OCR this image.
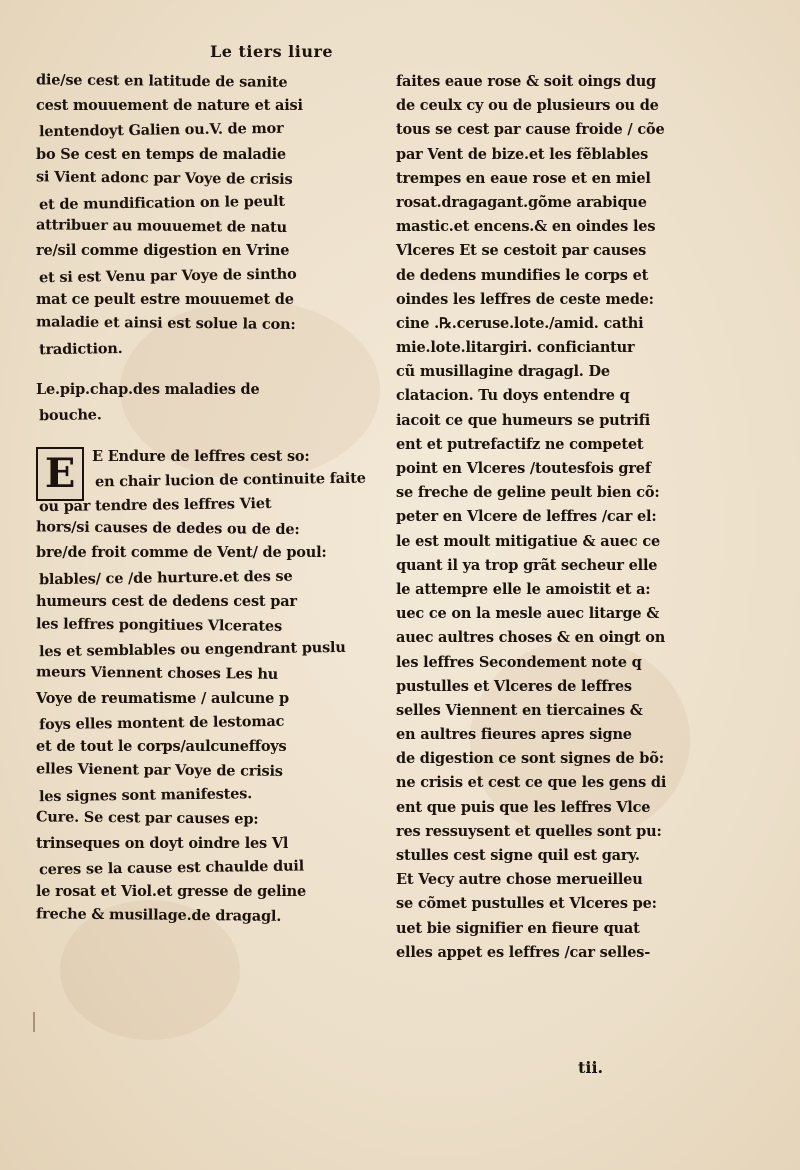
Le tiers liure
die/se cest en latitude de sanite
cest mouuement de nature et aisi
lentendoyt Galien ou.V. de mor
bo Se cest en temps de maladie
si Vient adonc par Voye de crisis
et de mundification on le peult
attribuer au mouuemet de natu
re/sil comme digestion en Vrine
et si est Venu par Voye de sintho
mat ce peult estre mouuemet de
maladie et ainsi est solue la con:
tradiction.
Le.pip.chap.des maladies de
bouche.
E	E Endure de leffres cest so:
en chair lucion de continuite faite
ou par tendre des leffres Viet
hors/si causes de dedes ou de de:
bre/de froit comme de Vent/ de poul:
blables/ ce /de hurture.et des se
humeurs cest de dedens cest par
les leffres pongitiues Vlcerates
les et semblables ou engendrant puslu
meurs Viennent choses Les hu
Voye de reumatisme / aulcune p
foys elles montent de lestomac
et de tout le corps/aulcuneffoys
elles Vienent par Voye de crisis
les signes sont manifestes.
Cure. Se cest par causes ep:
trinseques on doyt oindre les Vl
ceres se la cause est chaulde duil
le rosat et Viol.et gresse de geline
freche & musillage.de dragagl.
faites eaue rose & soit oings dug
de ceulx cy ou de plusieurs ou de
tous se cest par cause froide / cõe
par Vent de bize.et les fẽblables
trempes en eaue rose et en miel
rosat.dragagant.gõme arabique
mastic.et encens.& en oindes les
Vlceres Et se cestoit par causes
de dedens mundifies le corps et
oindes les leffres de ceste mede:
cine .℞.ceruse.lote./amid. cathi
mie.lote.litargiri. conficiantur
cũ musillagine dragagl. De
clatacion. Tu doys entendre q
iacoit ce que humeurs se putrifi
ent et putrefactifz ne competet
point en Vlceres /toutesfois gref
se freche de geline peult bien cõ:
peter en Vlcere de leffres /car el:
le est moult mitigatiue & auec ce
quant il ya trop grãt secheur elle
le attempre elle le amoistit et a:
uec ce on la mesle auec litarge &
auec aultres choses & en oingt on
les leffres Secondement note q
pustulles et Vlceres de leffres
selles Viennent en tiercaines &
en aultres fieures apres signe
de digestion ce sont signes de bõ:
ne crisis et cest ce que les gens di
ent que puis que les leffres Vlce
res ressuysent et quelles sont pu:
stulles cest signe quil est gary.
Et Vecy autre chose merueilleu
se cõmet pustulles et Vlceres pe:
uet bie signifier en fieure quat
elles appet es leffres /car selles-
tii.
